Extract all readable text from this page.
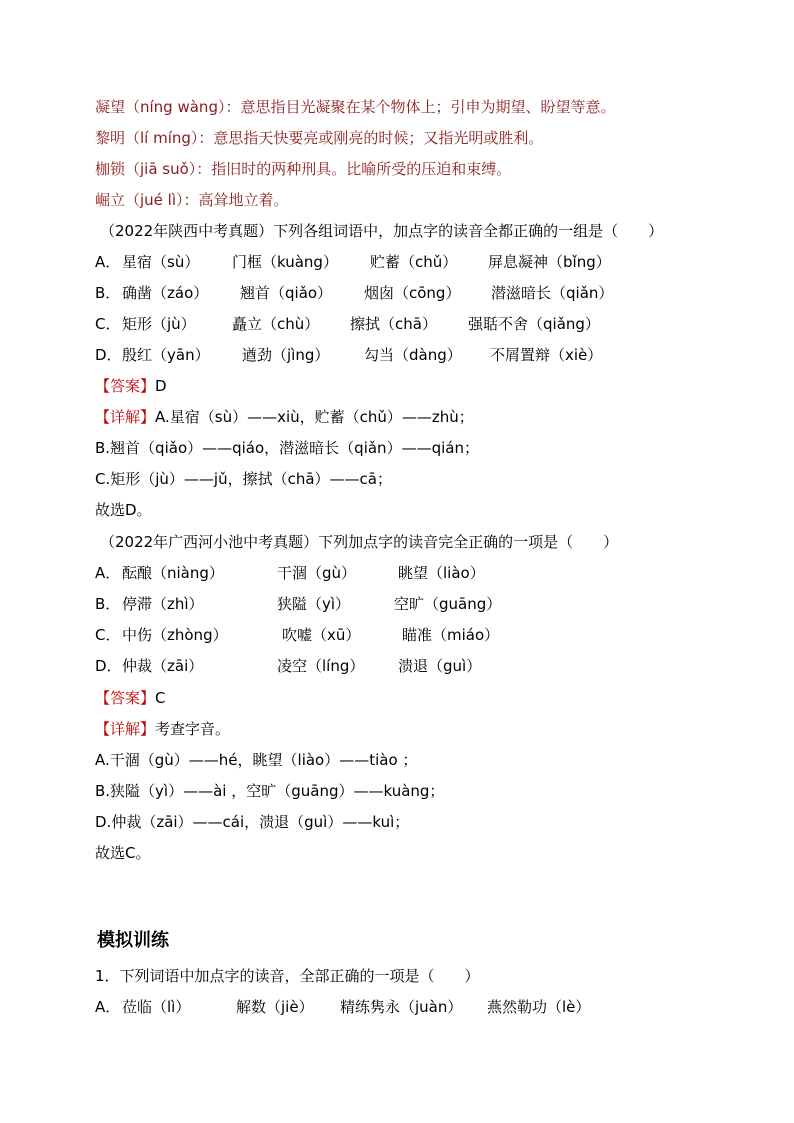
凝望（níng wàng）：意思指目光凝聚在某个物体上；引申为期望、盼望等意。
黎明（lí míng）：意思指天快要亮或刚亮的时候；又指光明或胜利。
枷锁（jiā suǒ）：指旧时的两种刑具。比喻所受的压迫和束缚。
崛立（jué lì）：高耸地立着。
（2022年陕西中考真题）下列各组词语中，加点字的读音全都正确的一组是（　　）
A． 星宿（sù） 门框（kuàng） 贮蓄（chǔ） 屏息凝神（bǐng）
B． 确凿（záo） 翘首（qiǎo） 烟囱（cōng） 潜滋暗长（qiǎn）
C． 矩形（jù） 矗立（chù） 擦拭（chā） 强聒不舍（qiǎng）
D． 殷红（yān） 遒劲（jìng） 勾当（dàng） 不屑置辩（xiè）
【答案】D
【详解】A.星宿（sù）——xiù，贮蓄（chǔ）——zhù；
B.翘首（qiǎo）——qiáo，潜滋暗长（qiǎn）——qián；
C.矩形（jù）——jǔ，擦拭（chā）——cā；
故选D。
（2022年广西河小池中考真题）下列加点字的读音完全正确的一项是（　　）
A． 酝酿（niàng）	干涸（gù）	眺望（liào）
B． 停滞（zhì）	狭隘（yì）	空旷（guāng）
C． 中伤（zhòng）	吹嘘（xū）	瞄准（miáo）
D． 仲裁（zāi）	凌空（líng） 溃退（guì）
【答案】C
【详解】考查字音。
A.干涸（gù）——hé，眺望（liào）——tiào ；
B.狭隘（yì）——ài ，空旷（guāng）——kuàng；
D.仲裁（zāi）——cái，溃退（guì）——kuì；
故选C。
模拟训练
1．下列词语中加点字的读音，全部正确的一项是（　　）
A． 莅临（lì）	解数（jiè） 精练隽永（juàn） 燕然勒功（lè）
